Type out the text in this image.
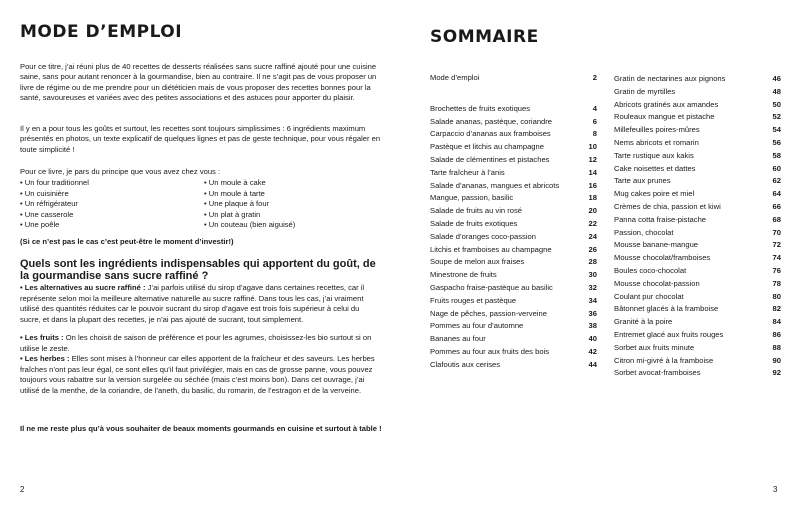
MODE D’EMPLOI

Pour ce titre, j’ai réuni plus de 40 recettes de desserts réalisées sans sucre raffiné ajouté pour une cuisine saine, sans pour autant renoncer à la gourmandise, bien au contraire. Il ne s’agit pas de vous proposer un livre de régime ou de me prendre pour un diététicien mais de vous proposer des recettes bonnes pour la santé, savoureuses et variées avec des petites associations et des astuces pour apporter du plaisir.

Il y en a pour tous les goûts et surtout, les recettes sont toujours simplissimes : 6 ingrédients maximum présentés en photos, un texte explicatif de quelques lignes et pas de geste technique, pour vous régaler en toute simplicité !

Pour ce livre, je pars du principe que vous avez chez vous :

• Un four traditionnel
• Un cuisinière
• Un réfrigérateur
• Une casserole
• Une poêle
• Un moule à cake
• Un moule à tarte
• Une plaque à four
• Un plat à gratin
• Un couteau (bien aiguisé)
(Si ce n’est pas le cas c’est peut-être le moment d’investir!)
Quels sont les ingrédients indispensables qui apportent du goût, de la gourmandise sans sucre raffiné ?

• Les alternatives au sucre raffiné : J’ai parfois utilisé du sirop d’agave dans certaines recettes, car il représente selon moi la meilleure alternative naturelle au sucre raffiné. Dans tous les cas, j’ai vraiment utilisé des quantités réduites car le pouvoir sucrant du sirop d’agave est trois fois supérieur à celui du sucre, et dans la plupart des recettes, je n’ai pas ajouté de sucrant, tout simplement.

• Les fruits : On les choisit de saison de préférence et pour les agrumes, choisissez-les bio surtout si on utilise le zeste.

• Les herbes : Elles sont mises à l’honneur car elles apportent de la fraîcheur et des saveurs. Les herbes fraîches n’ont pas leur égal, ce sont elles qu’il faut privilégier, mais en cas de grosse panne, vous pouvez toujours vous rabattre sur la version surgelée ou séchée (mais c’est moins bon). Dans cet ouvrage, j’ai utilisé de la menthe, de la coriandre, de l’aneth, du basilic, du romarin, de l’estragon et de la verveine.

Il ne me reste plus qu’à vous souhaiter de beaux moments gourmands en cuisine et surtout à table !

2
SOMMAIRE
Mode d’emploi	2
Brochettes de fruits exotiques	4
Salade ananas, pastèque, coriandre	6
Carpaccio d’ananas aux framboises	8
Pastèque et litchis au champagne	10
Salade de clémentines et pistaches	12
Tarte fraîcheur à l’anis	14
Salade d’ananas, mangues et abricots	16
Mangue, passion, basilic	18
Salade de fruits au vin rosé	20
Salade de fruits exotiques	22
Salade d’oranges coco-passion	24
Litchis et framboises au champagne	26
Soupe de melon aux fraises	28
Minestrone de fruits	30
Gaspacho fraise-pastèque au basilic	32
Fruits rouges et pastèque	34
Nage de pêches, passion-verveine	36
Pommes au four d’automne	38
Bananes au four	40
Pommes au four aux fruits des bois	42
Clafoutis aux cerises	44
Gratin de nectarines aux pignons	46
Gratin de myrtilles	48
Abricots gratinés aux amandes	50
Rouleaux mangue et pistache	52
Millefeuilles poires-mûres	54
Nems abricots et romarin	56
Tarte rustique aux kakis	58
Cake noisettes et dattes	60
Tarte aux prunes	62
Mug cakes poire et miel	64
Crèmes de chia, passion et kiwi	66
Panna cotta fraise-pistache	68
Passion, chocolat	70
Mousse banane-mangue	72
Mousse chocolat/framboises	74
Boules coco-chocolat	76
Mousse chocolat-passion	78
Coulant pur chocolat	80
Bâtonnet glacés à la framboise	82
Granité à la poire	84
Entremet glacé aux fruits rouges	86
Sorbet aux fruits minute	88
Citron mi-givré à la framboise	90
Sorbet avocat-framboises	92
3
